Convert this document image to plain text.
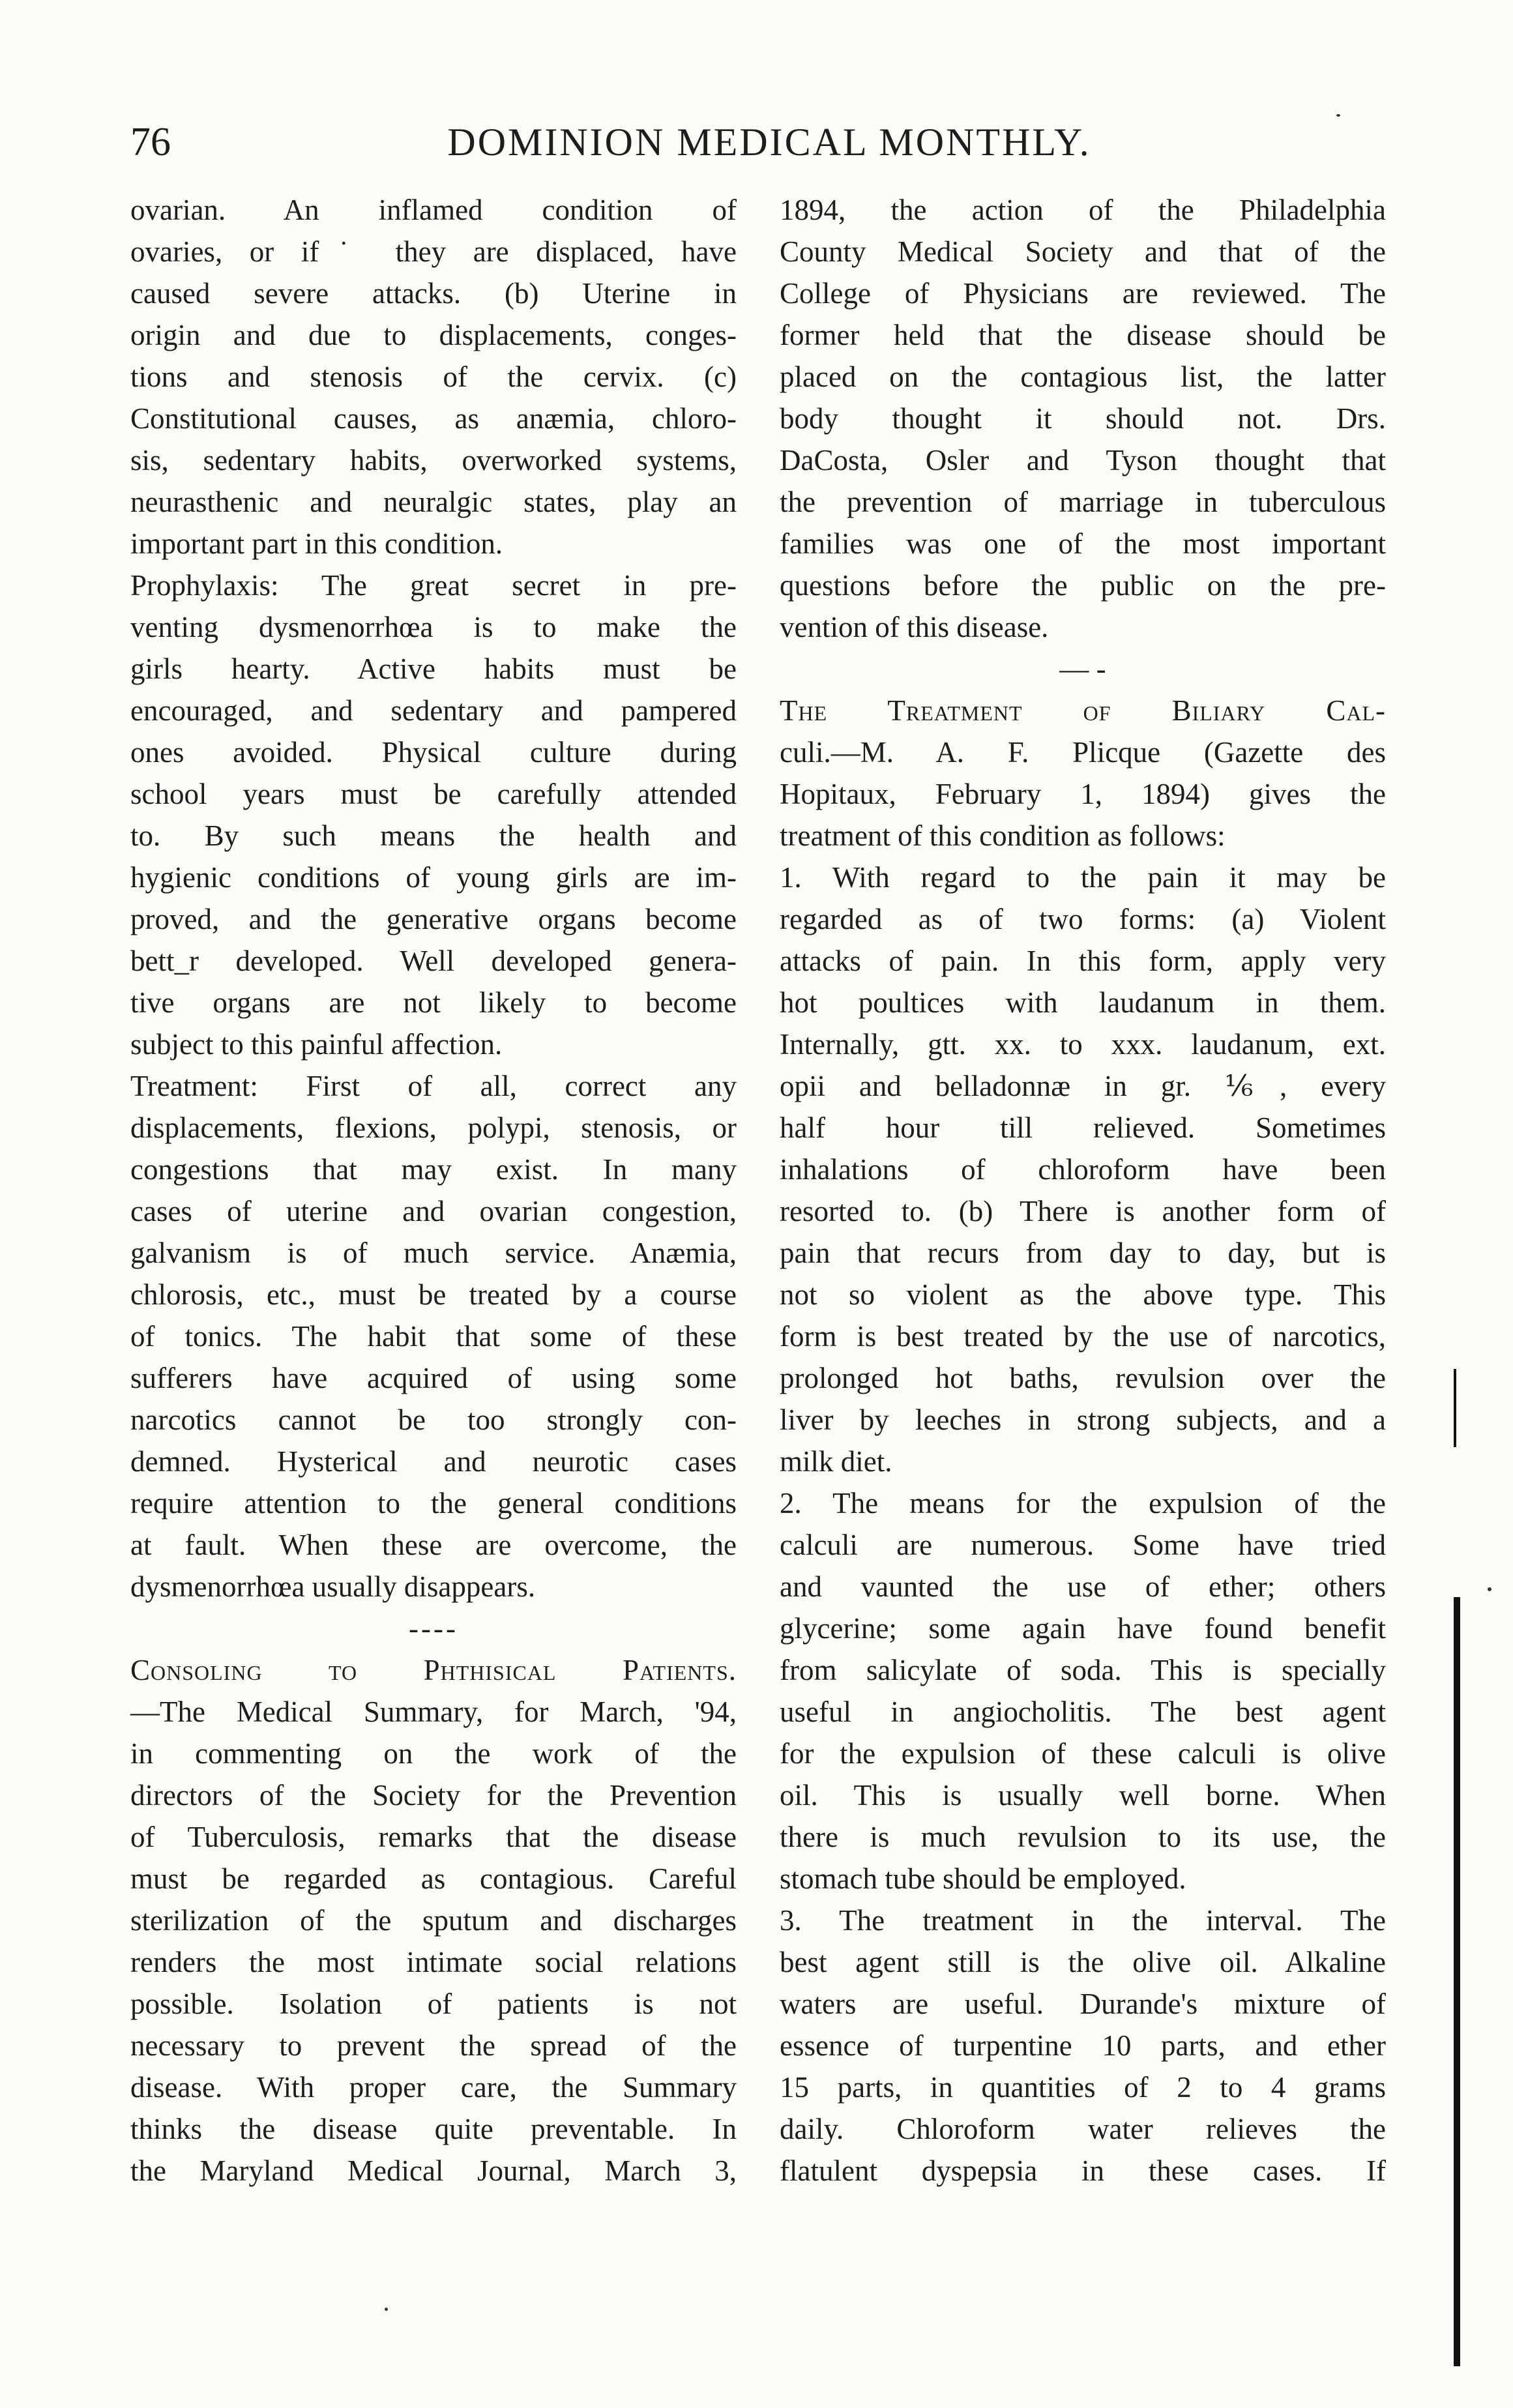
76	DOMINION MEDICAL MONTHLY.
ovarian. An inflamed condition of
ovaries, or if˙ they are displaced, have
caused severe attacks. (b) Uterine in
origin and due to displacements, conges-
tions and stenosis of the cervix. (c)
Constitutional causes, as anæmia, chloro-
sis, sedentary habits, overworked systems,
neurasthenic and neuralgic states, play an
important part in this condition.
Prophylaxis: The great secret in pre-
venting dysmenorrhœa is to make the
girls hearty. Active habits must be
encouraged, and sedentary and pampered
ones avoided. Physical culture during
school years must be carefully attended
to. By such means the health and
hygienic conditions of young girls are im-
proved, and the generative organs become
bett_r developed. Well developed genera-
tive organs are not likely to become
subject to this painful affection.
Treatment: First of all, correct any
displacements, flexions, polypi, stenosis, or
congestions that may exist. In many
cases of uterine and ovarian congestion,
galvanism is of much service. Anæmia,
chlorosis, etc., must be treated by a course
of tonics. The habit that some of these
sufferers have acquired of using some
narcotics cannot be too strongly con-
demned. Hysterical and neurotic cases
require attention to the general conditions
at fault. When these are overcome, the
dysmenorrhœa usually disappears.
----
Consoling to Phthisical Patients.
—The Medical Summary, for March, '94,
in commenting on the work of the
directors of the Society for the Prevention
of Tuberculosis, remarks that the disease
must be regarded as contagious. Careful
sterilization of the sputum and discharges
renders the most intimate social relations
possible. Isolation of patients is not
necessary to prevent the spread of the
disease. With proper care, the Summary
thinks the disease quite preventable. In
the Maryland Medical Journal, March 3,
1894, the action of the Philadelphia
County Medical Society and that of the
College of Physicians are reviewed. The
former held that the disease should be
placed on the contagious list, the latter
body thought it should not. Drs.
DaCosta, Osler and Tyson thought that
the prevention of marriage in tuberculous
families was one of the most important
questions before the public on the pre-
vention of this disease.
— -
The Treatment of Biliary Cal-
culi.—M. A. F. Plicque (Gazette des
Hopitaux, February 1, 1894) gives the
treatment of this condition as follows:
1. With regard to the pain it may be
regarded as of two forms: (a) Violent
attacks of pain. In this form, apply very
hot poultices with laudanum in them.
Internally, gtt. xx. to xxx. laudanum, ext.
opii and belladonnæ in gr. ⅙, every
half hour till relieved. Sometimes
inhalations of chloroform have been
resorted to. (b) There is another form of
pain that recurs from day to day, but is
not so violent as the above type. This
form is best treated by the use of narcotics,
prolonged hot baths, revulsion over the
liver by leeches in strong subjects, and a
milk diet.
2. The means for the expulsion of the
calculi are numerous. Some have tried
and vaunted the use of ether; others
glycerine; some again have found benefit
from salicylate of soda. This is specially
useful in angiocholitis. The best agent
for the expulsion of these calculi is olive
oil. This is usually well borne. When
there is much revulsion to its use, the
stomach tube should be employed.
3. The treatment in the interval. The
best agent still is the olive oil. Alkaline
waters are useful. Durande's mixture of
essence of turpentine 10 parts, and ether
15 parts, in quantities of 2 to 4 grams
daily. Chloroform water relieves the
flatulent dyspepsia in these cases. If
